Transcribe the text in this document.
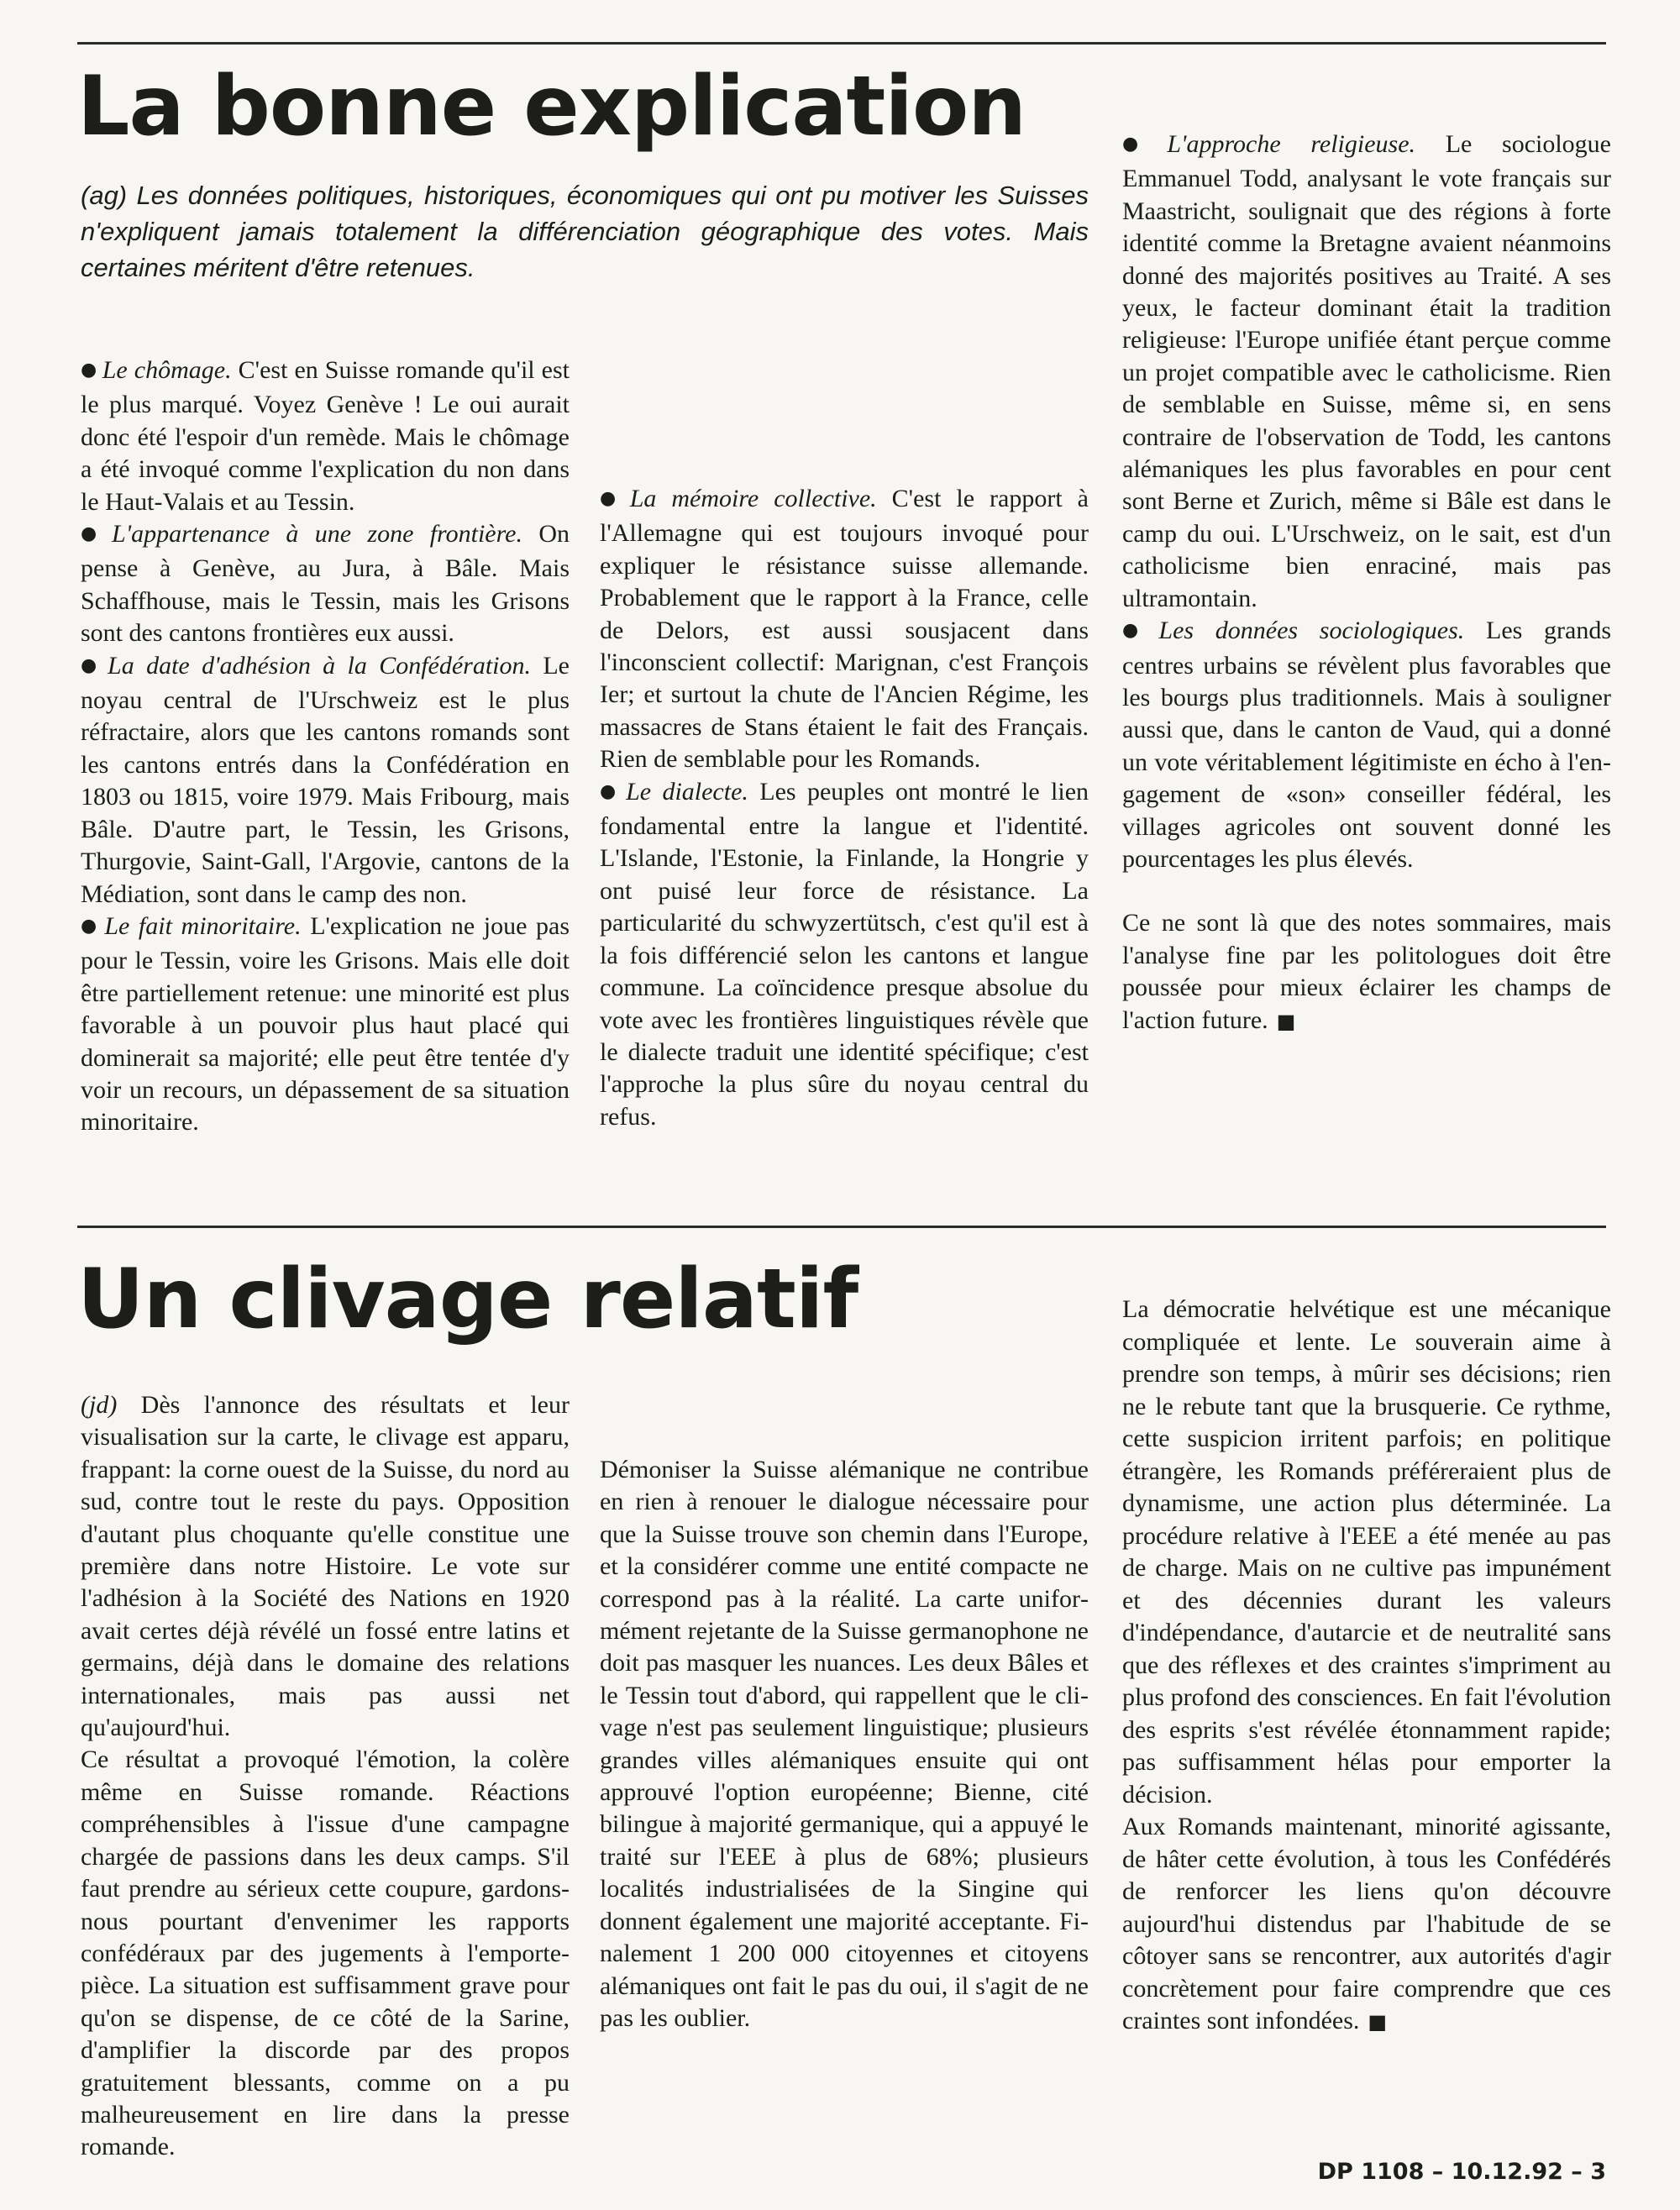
La bonne explication

(ag) Les données politiques, historiques, économiques qui ont pu motiver les Suisses n'expliquent jamais totalement la différenciation géographique des votes. Mais certaines méritent d'être retenues.

● Le chômage. C'est en Suisse romande qu'il est le plus marqué. Voyez Genève ! Le oui aurait donc été l'espoir d'un remède. Mais le chômage a été invoqué comme l'explication du non dans le Haut-Valais et au Tessin.

● L'appartenance à une zone frontière. On pense à Genève, au Jura, à Bâle. Mais Schaffhouse, mais le Tessin, mais les Grisons sont des cantons frontières eux aussi.

● La date d'adhésion à la Confédération. Le noyau central de l'Urschweiz est le plus réfractaire, alors que les cantons romands sont les cantons entrés dans la Confédération en 1803 ou 1815, voire 1979. Mais Fribourg, mais Bâle. D'autre part, le Tessin, les Grisons, Thurgovie, Saint-Gall, l'Argovie, cantons de la Médiation, sont dans le camp des non.

● Le fait minoritaire. L'explication ne joue pas pour le Tessin, voire les Grisons. Mais elle doit être partiellement retenue: une minorité est plus favorable à un pouvoir plus haut placé qui dominerait sa majorité; elle peut être tentée d'y voir un recours, un dépassement de sa situation minoritaire.

● La mémoire collective. C'est le rapport à l'Allemagne qui est toujours invoqué pour expliquer le résistance suisse allemande. Probablement que le rapport à la France, celle de Delors, est aussi sousjacent dans l'inconscient collectif: Marignan, c'est François Ier; et surtout la chute de l'Ancien Régime, les massacres de Stans étaient le fait des Français. Rien de semblable pour les Romands.

● Le dialecte. Les peuples ont montré le lien fondamental entre la langue et l'identité. L'Islande, l'Estonie, la Finlande, la Hongrie y ont puisé leur force de résistance. La particularité du schwyzertütsch, c'est qu'il est à la fois différencié selon les cantons et langue commune. La coïncidence presque absolue du vote avec les frontières linguistiques révèle que le dialecte traduit une identité spécifique; c'est l'approche la plus sûre du noyau central du refus.

● L'approche religieuse. Le sociologue Emmanuel Todd, analysant le vote français sur Maastricht, soulignait que des régions à forte identité comme la Bretagne avaient néanmoins donné des majorités positives au Traité. A ses yeux, le facteur dominant était la tradition religieuse: l'Europe unifiée étant perçue comme un projet compatible avec le catholicisme. Rien de semblable en Suisse, même si, en sens contraire de l'observation de Todd, les cantons alémaniques les plus favorables en pour cent sont Berne et Zurich, même si Bâle est dans le camp du oui. L'Urschweiz, on le sait, est d'un catholicisme bien enraciné, mais pas ultramontain.

● Les données sociologiques. Les grands centres urbains se révèlent plus favorables que les bourgs plus traditionnels. Mais à souligner aussi que, dans le canton de Vaud, qui a donné un vote véritablement légitimiste en écho à l'engagement de «son» conseiller fédéral, les villages agricoles ont souvent donné les pourcentages les plus élevés.

Ce ne sont là que des notes sommaires, mais l'analyse fine par les politologues doit être poussée pour mieux éclairer les champs de l'action future. ■

Un clivage relatif

(jd) Dès l'annonce des résultats et leur visualisation sur la carte, le clivage est apparu, frappant: la corne ouest de la Suisse, du nord au sud, contre tout le reste du pays. Opposition d'autant plus choquante qu'elle constitue une première dans notre Histoire. Le vote sur l'adhésion à la Société des Nations en 1920 avait certes déjà révélé un fossé entre latins et germains, déjà dans le domaine des relations internationales, mais pas aussi net qu'aujourd'hui.

Ce résultat a provoqué l'émotion, la colère même en Suisse romande. Réactions compréhensibles à l'issue d'une campagne chargée de passions dans les deux camps. S'il faut prendre au sérieux cette coupure, gardons-nous pourtant d'envenimer les rapports confédéraux par des jugements à l'emporte-pièce. La situation est suffisamment grave pour qu'on se dispense, de ce côté de la Sarine, d'amplifier la discorde par des propos gratuitement blessants, comme on a pu malheureusement en lire dans la presse romande.

Démoniser la Suisse alémanique ne contribue en rien à renouer le dialogue nécessaire pour que la Suisse trouve son chemin dans l'Europe, et la considérer comme une entité compacte ne correspond pas à la réalité. La carte uniformément rejetante de la Suisse germanophone ne doit pas masquer les nuances. Les deux Bâles et le Tessin tout d'abord, qui rappellent que le clivage n'est pas seulement linguistique; plusieurs grandes villes alémaniques ensuite qui ont approuvé l'option européenne; Bienne, cité bilingue à majorité germanique, qui a appuyé le traité sur l'EEE à plus de 68%; plusieurs localités industrialisées de la Singine qui donnent également une majorité acceptante. Finalement 1 200 000 citoyennes et citoyens alémaniques ont fait le pas du oui, il s'agit de ne pas les oublier.

La démocratie helvétique est une mécanique compliquée et lente. Le souverain aime à prendre son temps, à mûrir ses décisions; rien ne le rebute tant que la brusquerie. Ce rythme, cette suspicion irritent parfois; en politique étrangère, les Romands préféreraient plus de dynamisme, une action plus déterminée. La procédure relative à l'EEE a été menée au pas de charge. Mais on ne cultive pas impunément et des décennies durant les valeurs d'indépendance, d'autarcie et de neutralité sans que des réflexes et des craintes s'impriment au plus profond des consciences. En fait l'évolution des esprits s'est révélée étonnamment rapide; pas suffisamment hélas pour emporter la décision.

Aux Romands maintenant, minorité agissante, de hâter cette évolution, à tous les Confédérés de renforcer les liens qu'on découvre aujourd'hui distendus par l'habitude de se côtoyer sans se rencontrer, aux autorités d'agir concrètement pour faire comprendre que ces craintes sont infondées. ■

DP 1108 – 10.12.92 – 3
